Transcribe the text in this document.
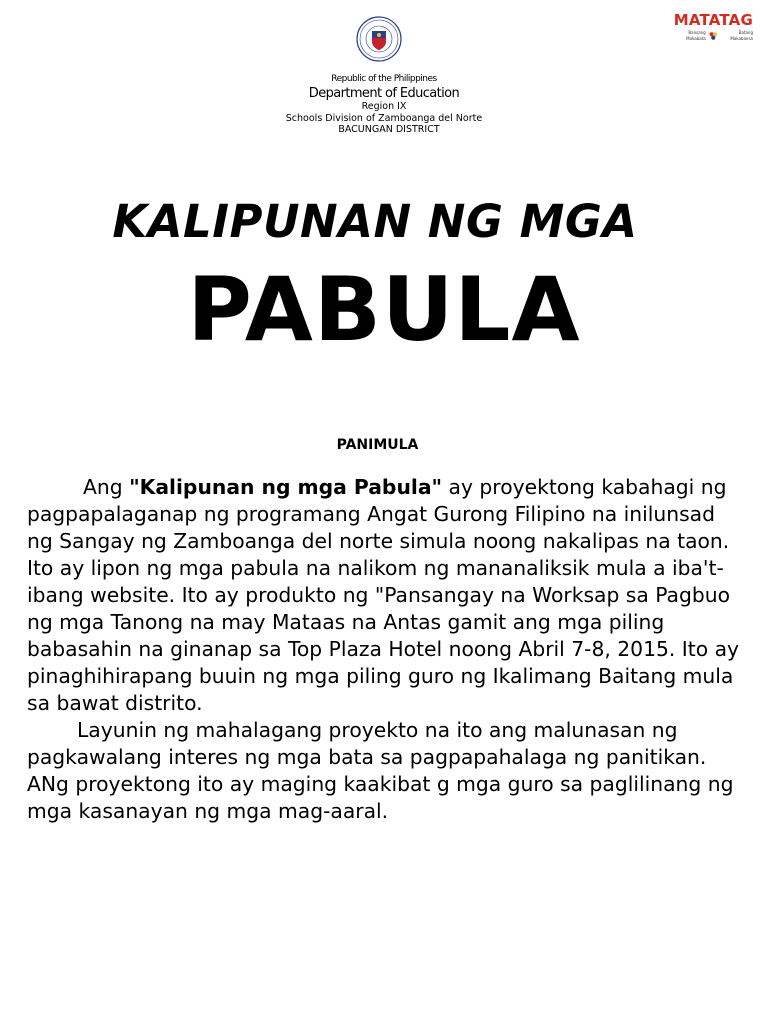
MATATAG
Bansang Makabata
Batang Makabansa
Republic of the Philippines
Department of Education
Region IX
Schools Division of Zamboanga del Norte
BACUNGAN DISTRICT
KALIPUNAN NG MGA
PABULA
PANIMULA

Ang "Kalipunan ng mga Pabula" ay proyektong kabahagi ng pagpapalaganap ng programang Angat Gurong Filipino na inilunsad ng Sangay ng Zamboanga del norte simula noong nakalipas na taon. Ito ay lipon ng mga pabula na nalikom ng mananaliksik mula a iba't-ibang website. Ito ay produkto ng "Pansangay na Worksap sa Pagbuo ng mga Tanong na may Mataas na Antas gamit ang mga piling babasahin na ginanap sa Top Plaza Hotel noong Abril 7-8, 2015. Ito ay pinaghihirapang buuin ng mga piling guro ng Ikalimang Baitang mula sa bawat distrito.

Layunin ng mahalagang proyekto na ito ang malunasan ng pagkawalang interes ng mga bata sa pagpapahalaga ng panitikan. ANg proyektong ito ay maging kaakibat g mga guro sa paglilinang ng mga kasanayan ng mga mag-aaral.
